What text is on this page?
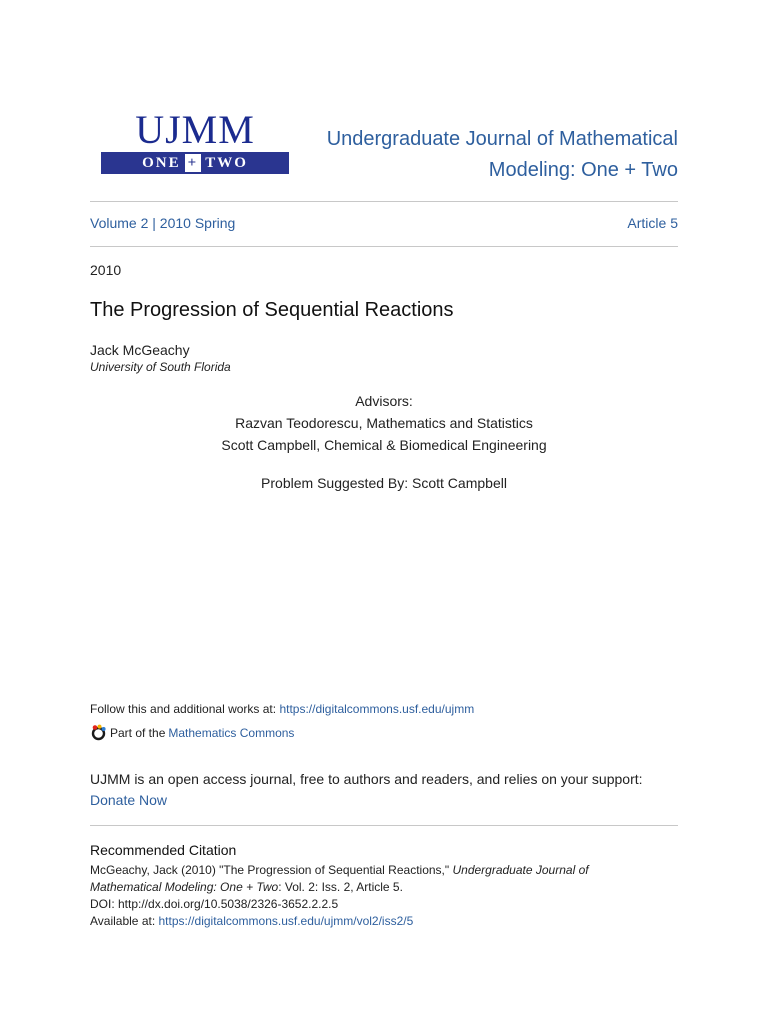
UJMM
ONE + TWO
Undergraduate Journal of Mathematical
Modeling: One + Two
Volume 2 | 2010 Spring	Article 5
2010
The Progression of Sequential Reactions
Jack McGeachy
University of South Florida
Advisors:
Razvan Teodorescu, Mathematics and Statistics
Scott Campbell, Chemical & Biomedical Engineering
Problem Suggested By: Scott Campbell
Follow this and additional works at: https://digitalcommons.usf.edu/ujmm
Part of the Mathematics Commons
UJMM is an open access journal, free to authors and readers, and relies on your support:
Donate Now
Recommended Citation
McGeachy, Jack (2010) "The Progression of Sequential Reactions," Undergraduate Journal of
Mathematical Modeling: One + Two: Vol. 2: Iss. 2, Article 5.
DOI: http://dx.doi.org/10.5038/2326-3652.2.2.5
Available at: https://digitalcommons.usf.edu/ujmm/vol2/iss2/5
